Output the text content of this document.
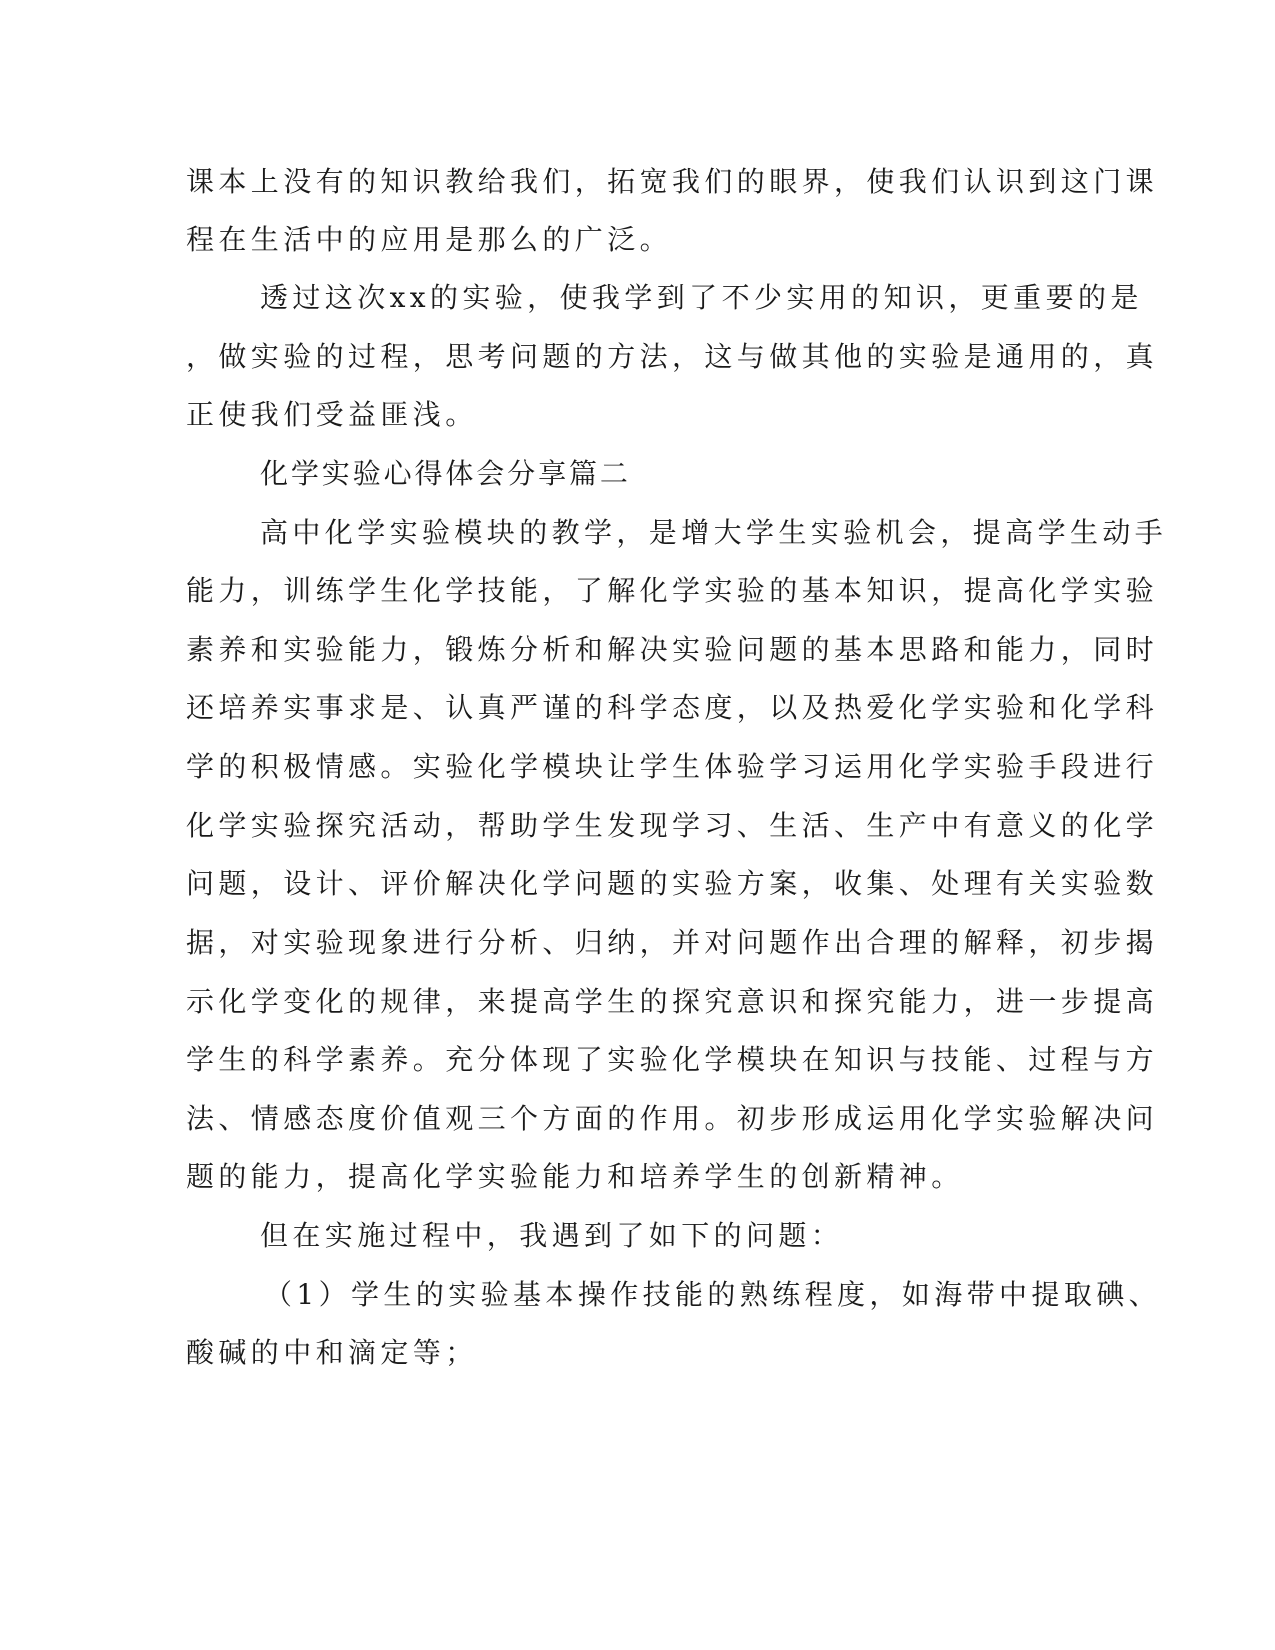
课本上没有的知识教给我们，拓宽我们的眼界，使我们认识到这门课
程在生活中的应用是那么的广泛。
透过这次xx的实验，使我学到了不少实用的知识，更重要的是
，做实验的过程，思考问题的方法，这与做其他的实验是通用的，真
正使我们受益匪浅。
化学实验心得体会分享篇二
高中化学实验模块的教学，是增大学生实验机会，提高学生动手
能力，训练学生化学技能，了解化学实验的基本知识，提高化学实验
素养和实验能力，锻炼分析和解决实验问题的基本思路和能力，同时
还培养实事求是、认真严谨的科学态度，以及热爱化学实验和化学科
学的积极情感。实验化学模块让学生体验学习运用化学实验手段进行
化学实验探究活动，帮助学生发现学习、生活、生产中有意义的化学
问题，设计、评价解决化学问题的实验方案，收集、处理有关实验数
据，对实验现象进行分析、归纳，并对问题作出合理的解释，初步揭
示化学变化的规律，来提高学生的探究意识和探究能力，进一步提高
学生的科学素养。充分体现了实验化学模块在知识与技能、过程与方
法、情感态度价值观三个方面的作用。初步形成运用化学实验解决问
题的能力，提高化学实验能力和培养学生的创新精神。
但在实施过程中，我遇到了如下的问题：
（1）学生的实验基本操作技能的熟练程度，如海带中提取碘、
酸碱的中和滴定等；
